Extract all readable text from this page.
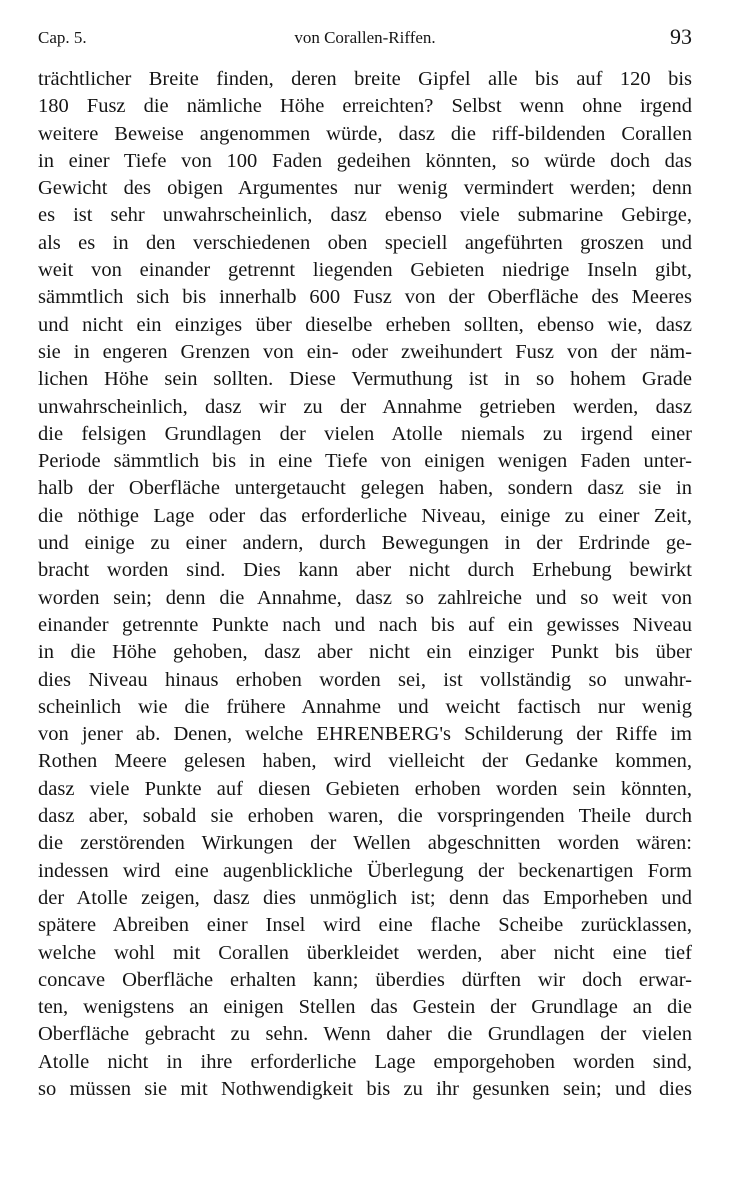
Cap. 5.	von Corallen-Riffen.	93
trächtlicher Breite finden, deren breite Gipfel alle bis auf 120 bis
180 Fusz die nämliche Höhe erreichten? Selbst wenn ohne irgend
weitere Beweise angenommen würde, dasz die riff-bildenden Corallen
in einer Tiefe von 100 Faden gedeihen könnten, so würde doch das
Gewicht des obigen Argumentes nur wenig vermindert werden; denn
es ist sehr unwahrscheinlich, dasz ebenso viele submarine Gebirge,
als es in den verschiedenen oben speciell angeführten groszen und
weit von einander getrennt liegenden Gebieten niedrige Inseln gibt,
sämmtlich sich bis innerhalb 600 Fusz von der Oberfläche des Meeres
und nicht ein einziges über dieselbe erheben sollten, ebenso wie, dasz
sie in engeren Grenzen von ein- oder zweihundert Fusz von der näm-
lichen Höhe sein sollten. Diese Vermuthung ist in so hohem Grade
unwahrscheinlich, dasz wir zu der Annahme getrieben werden, dasz
die felsigen Grundlagen der vielen Atolle niemals zu irgend einer
Periode sämmtlich bis in eine Tiefe von einigen wenigen Faden unter-
halb der Oberfläche untergetaucht gelegen haben, sondern dasz sie in
die nöthige Lage oder das erforderliche Niveau, einige zu einer Zeit,
und einige zu einer andern, durch Bewegungen in der Erdrinde ge-
bracht worden sind. Dies kann aber nicht durch Erhebung bewirkt
worden sein; denn die Annahme, dasz so zahlreiche und so weit von
einander getrennte Punkte nach und nach bis auf ein gewisses Niveau
in die Höhe gehoben, dasz aber nicht ein einziger Punkt bis über
dies Niveau hinaus erhoben worden sei, ist vollständig so unwahr-
scheinlich wie die frühere Annahme und weicht factisch nur wenig
von jener ab. Denen, welche EHRENBERG's Schilderung der Riffe im
Rothen Meere gelesen haben, wird vielleicht der Gedanke kommen,
dasz viele Punkte auf diesen Gebieten erhoben worden sein könnten,
dasz aber, sobald sie erhoben waren, die vorspringenden Theile durch
die zerstörenden Wirkungen der Wellen abgeschnitten worden wären:
indessen wird eine augenblickliche Überlegung der beckenartigen Form
der Atolle zeigen, dasz dies unmöglich ist; denn das Emporheben und
spätere Abreiben einer Insel wird eine flache Scheibe zurücklassen,
welche wohl mit Corallen überkleidet werden, aber nicht eine tief
concave Oberfläche erhalten kann; überdies dürften wir doch erwar-
ten, wenigstens an einigen Stellen das Gestein der Grundlage an die
Oberfläche gebracht zu sehn. Wenn daher die Grundlagen der vielen
Atolle nicht in ihre erforderliche Lage emporgehoben worden sind,
so müssen sie mit Nothwendigkeit bis zu ihr gesunken sein; und dies
